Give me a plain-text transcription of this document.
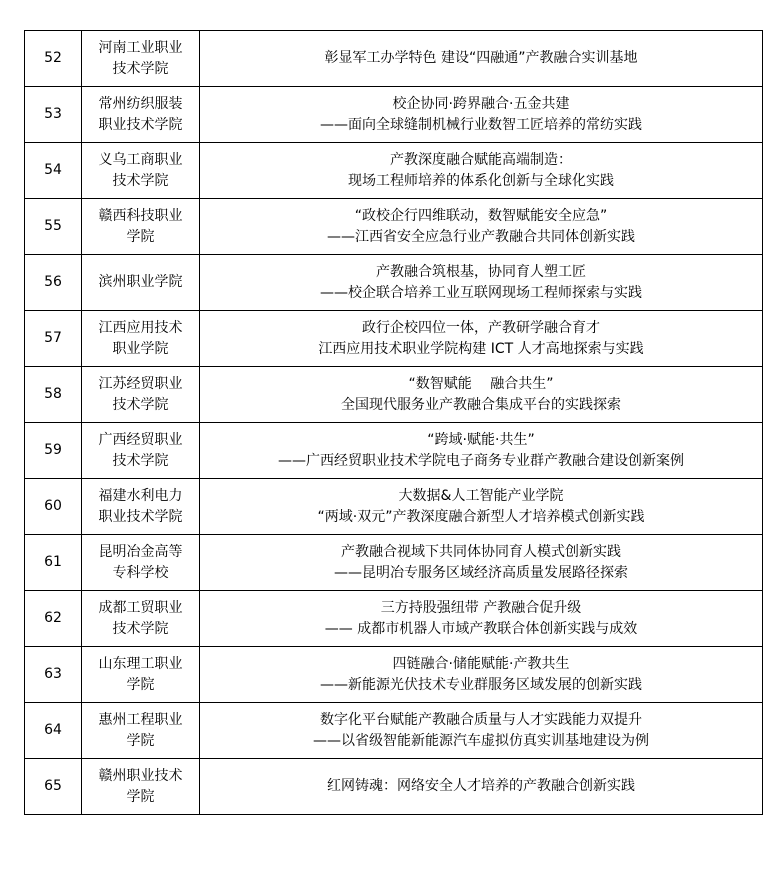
52	河南工业职业
技术学院	彰显军工办学特色 建设“四融通”产教融合实训基地

53	常州纺织服装
职业技术学院	校企协同·跨界融合·五金共建
——面向全球缝制机械行业数智工匠培养的常纺实践

54	义乌工商职业
技术学院	产教深度融合赋能高端制造：
现场工程师培养的体系化创新与全球化实践

55	赣西科技职业
学院	“政校企行四维联动，数智赋能安全应急”
——江西省安全应急行业产教融合共同体创新实践

56	滨州职业学院	产教融合筑根基，协同育人塑工匠
——校企联合培养工业互联网现场工程师探索与实践

57	江西应用技术
职业学院	政行企校四位一体，产教研学融合育才
江西应用技术职业学院构建 ICT 人才高地探索与实践

58	江苏经贸职业
技术学院	“数智赋能　 融合共生”
全国现代服务业产教融合集成平台的实践探索

59	广西经贸职业
技术学院	“跨域·赋能·共生”
——广西经贸职业技术学院电子商务专业群产教融合建设创新案例

60	福建水利电力
职业技术学院	大数据&人工智能产业学院
“两域·双元”产教深度融合新型人才培养模式创新实践

61	昆明冶金高等
专科学校	产教融合视域下共同体协同育人模式创新实践
——昆明冶专服务区域经济高质量发展路径探索

62	成都工贸职业
技术学院	三方持股强纽带 产教融合促升级
—— 成都市机器人市域产教联合体创新实践与成效

63	山东理工职业
学院	四链融合·储能赋能·产教共生
——新能源光伏技术专业群服务区域发展的创新实践

64	惠州工程职业
学院	数字化平台赋能产教融合质量与人才实践能力双提升
——以省级智能新能源汽车虚拟仿真实训基地建设为例

65	赣州职业技术
学院	红网铸魂：网络安全人才培养的产教融合创新实践
